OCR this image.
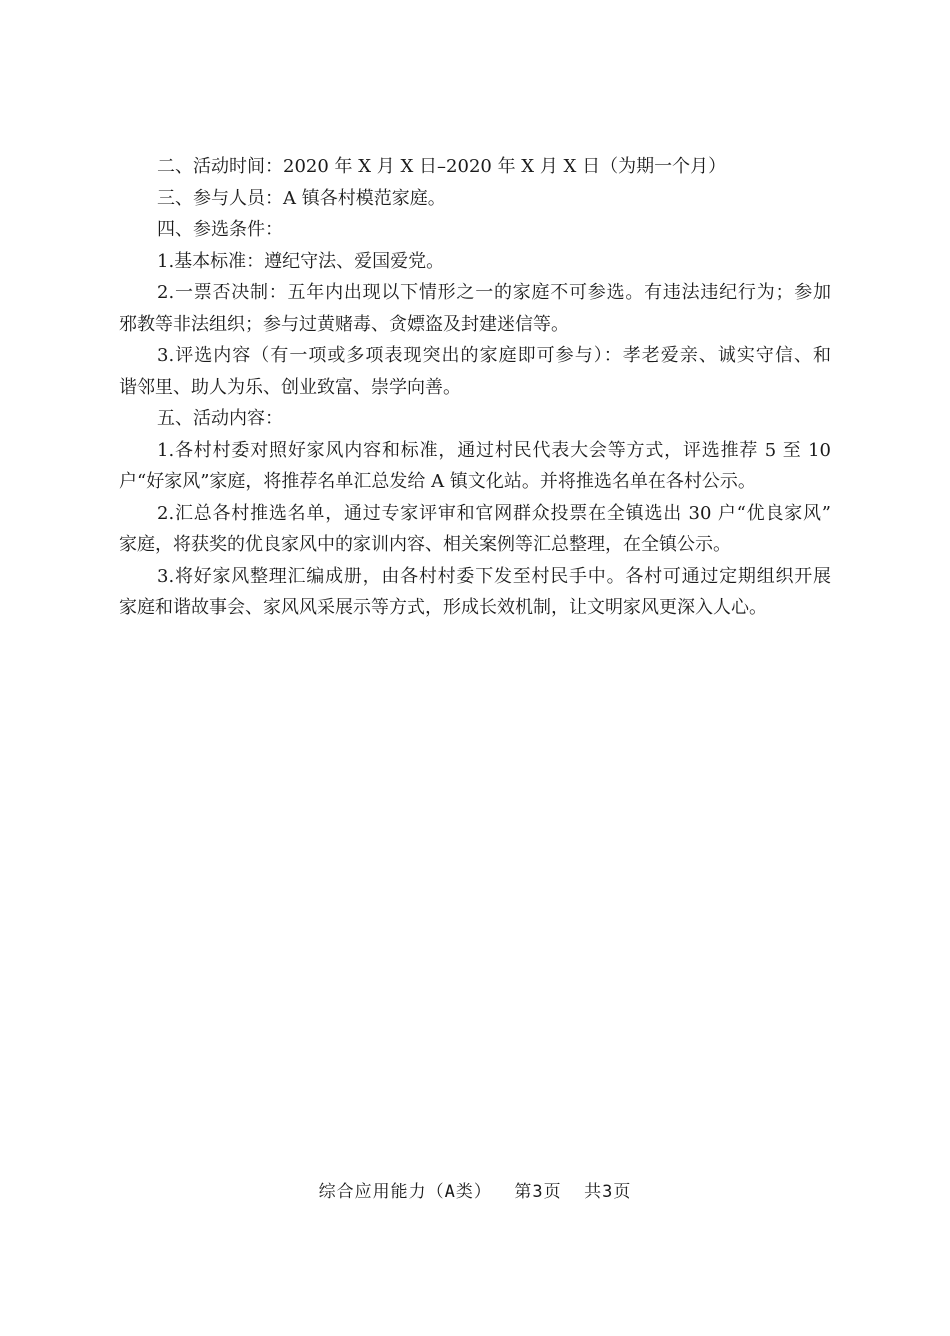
二、活动时间：2020 年 X 月 X 日–2020 年 X 月 X 日（为期一个月）

三、参与人员：A 镇各村模范家庭。

四、参选条件：

1.基本标准：遵纪守法、爱国爱党。

2.一票否决制：五年内出现以下情形之一的家庭不可参选。有违法违纪行为；参加
邪教等非法组织；参与过黄赌毒、贪嫖盗及封建迷信等。

3.评选内容（有一项或多项表现突出的家庭即可参与）：孝老爱亲、诚实守信、和
谐邻里、助人为乐、创业致富、崇学向善。

五、活动内容：

1.各村村委对照好家风内容和标准，通过村民代表大会等方式，评选推荐 5 至 10
户“好家风”家庭，将推荐名单汇总发给 A 镇文化站。并将推选名单在各村公示。

2.汇总各村推选名单，通过专家评审和官网群众投票在全镇选出 30 户“优良家风”
家庭，将获奖的优良家风中的家训内容、相关案例等汇总整理，在全镇公示。

3.将好家风整理汇编成册，由各村村委下发至村民手中。各村可通过定期组织开展
家庭和谐故事会、家风风采展示等方式，形成长效机制，让文明家风更深入人心。

综合应用能力（A类）  第3页  共3页
